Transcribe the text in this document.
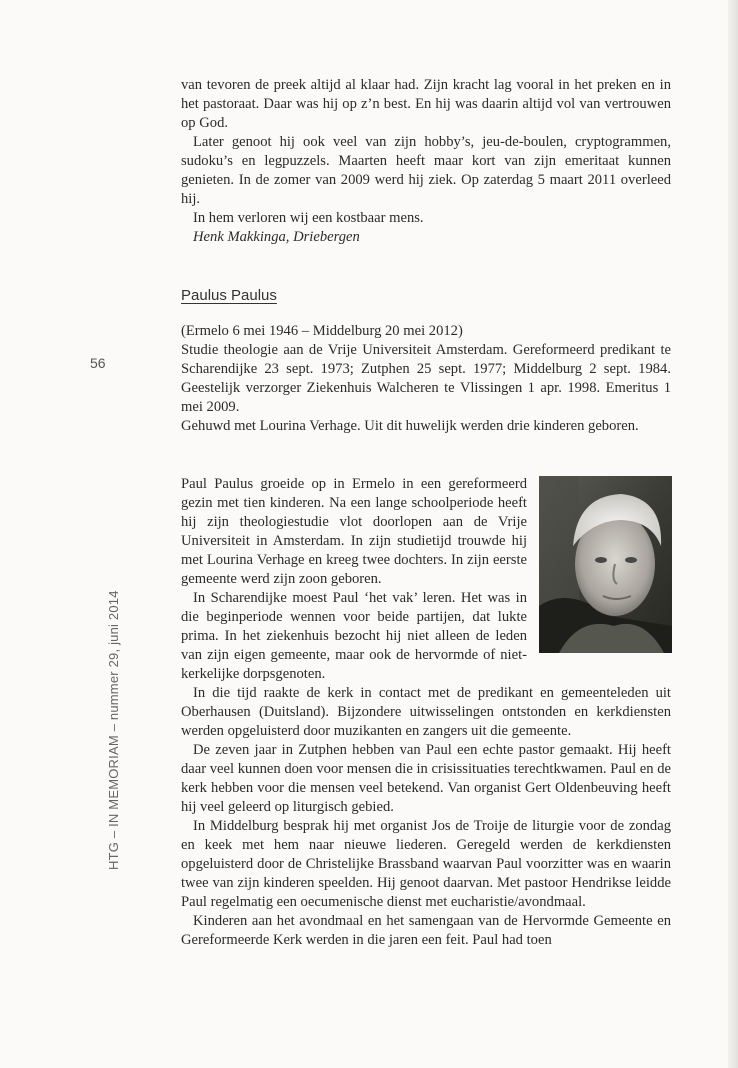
56
HTG – IN MEMORIAM – nummer 29, juni 2014

van tevoren de preek altijd al klaar had. Zijn kracht lag vooral in het preken en in het pastoraat. Daar was hij op z’n best. En hij was daarin altijd vol van vertrouwen op God.

Later genoot hij ook veel van zijn hobby’s, jeu-de-boulen, cryptogrammen, sudoku’s en legpuzzels. Maarten heeft maar kort van zijn emeritaat kunnen genieten. In de zomer van 2009 werd hij ziek. Op zaterdag 5 maart 2011 overleed hij.

In hem verloren wij een kostbaar mens.

Henk Makkinga, Driebergen

Paulus Paulus

(Ermelo 6 mei 1946 – Middelburg 20 mei 2012)

Studie theologie aan de Vrije Universiteit Amsterdam. Gereformeerd predikant te Scharendijke 23 sept. 1973; Zutphen 25 sept. 1977; Middelburg 2 sept. 1984. Geestelijk verzorger Ziekenhuis Walcheren te Vlissingen 1 apr. 1998. Emeritus 1 mei 2009.

Gehuwd met Lourina Verhage. Uit dit huwelijk werden drie kinderen geboren.

Paul Paulus groeide op in Ermelo in een gereformeerd gezin met tien kinderen. Na een lange schoolperiode heeft hij zijn theologiestudie vlot doorlopen aan de Vrije Universiteit in Amsterdam. In zijn studietijd trouwde hij met Lourina Verhage en kreeg twee dochters. In zijn eerste gemeente werd zijn zoon geboren.

In Scharendijke moest Paul ‘het vak’ leren. Het was in die beginperiode wennen voor beide partijen, dat lukte prima. In het ziekenhuis bezocht hij niet alleen de leden van zijn eigen gemeente, maar ook de hervormde of niet-kerkelijke dorpsgenoten.

In die tijd raakte de kerk in contact met de predikant en gemeenteleden uit Oberhausen (Duitsland). Bijzondere uitwisselingen ontstonden en kerkdiensten werden opgeluisterd door muzikanten en zangers uit die gemeente.

De zeven jaar in Zutphen hebben van Paul een echte pastor gemaakt. Hij heeft daar veel kunnen doen voor mensen die in crisissituaties terechtkwamen. Paul en de kerk hebben voor die mensen veel betekend. Van organist Gert Oldenbeuving heeft hij veel geleerd op liturgisch gebied.

In Middelburg besprak hij met organist Jos de Troije de liturgie voor de zondag en keek met hem naar nieuwe liederen. Geregeld werden de kerkdiensten opgeluisterd door de Christelijke Brassband waarvan Paul voorzitter was en waarin twee van zijn kinderen speelden. Hij genoot daarvan. Met pastoor Hendrikse leidde Paul regelmatig een oecumenische dienst met eucharistie/avondmaal.

Kinderen aan het avondmaal en het samengaan van de Hervormde Gemeente en Gereformeerde Kerk werden in die jaren een feit. Paul had toen
